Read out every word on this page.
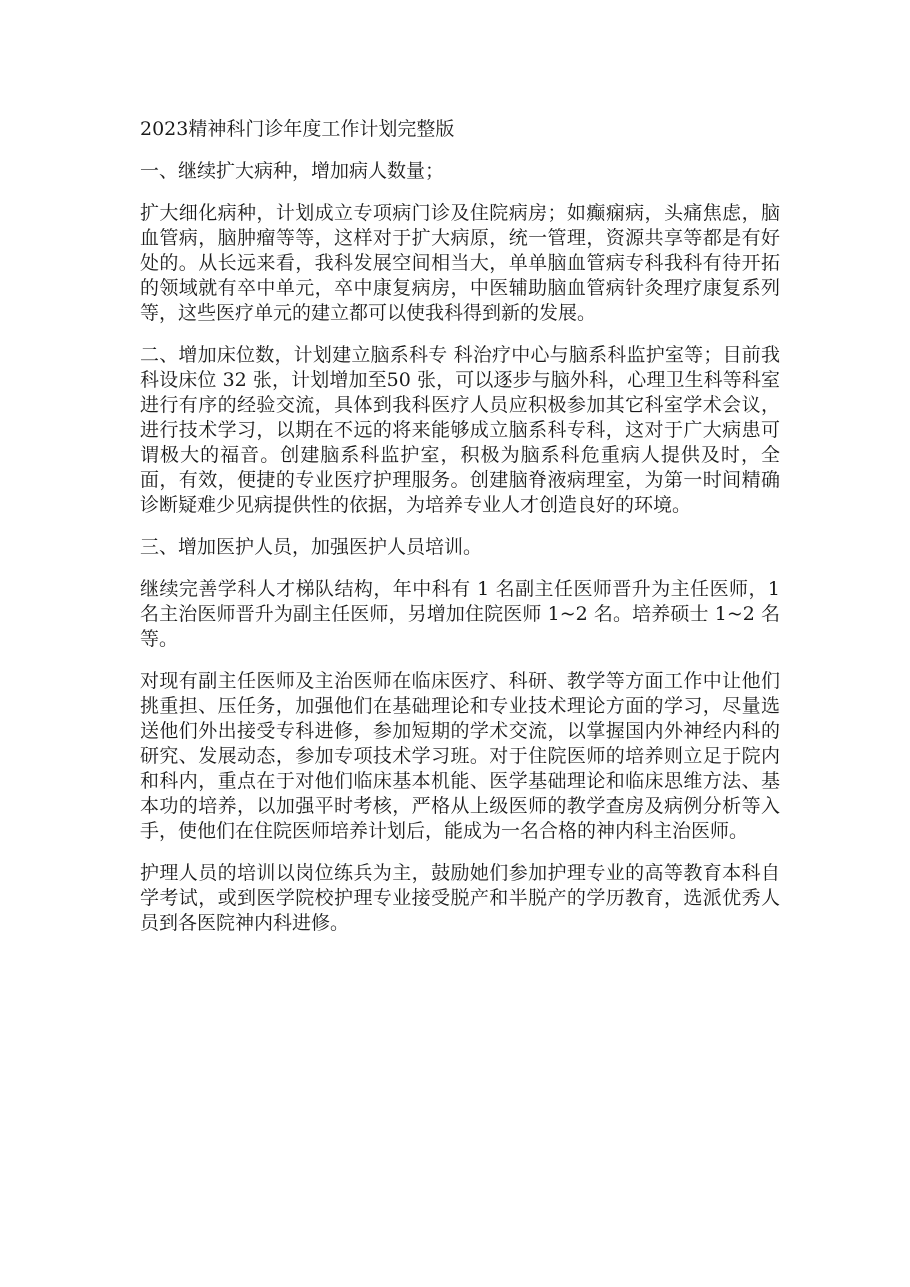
2023精神科门诊年度工作计划完整版

一、继续扩大病种，增加病人数量；

扩大细化病种，计划成立专项病门诊及住院病房；如癫痫病，头痛焦虑，脑血管病，脑肿瘤等等，这样对于扩大病原，统一管理，资源共享等都是有好处的。从长远来看，我科发展空间相当大，单单脑血管病专科我科有待开拓的领域就有卒中单元，卒中康复病房，中医辅助脑血管病针灸理疗康复系列等，这些医疗单元的建立都可以使我科得到新的发展。

二、增加床位数，计划建立脑系科专 科治疗中心与脑系科监护室等；目前我科设床位 32 张，计划增加至50 张，可以逐步与脑外科，心理卫生科等科室进行有序的经验交流，具体到我科医疗人员应积极参加其它科室学术会议，进行技术学习，以期在不远的将来能够成立脑系科专科，这对于广大病患可谓极大的福音。创建脑系科监护室，积极为脑系科危重病人提供及时，全面，有效，便捷的专业医疗护理服务。创建脑脊液病理室，为第一时间精确诊断疑难少见病提供性的依据，为培养专业人才创造良好的环境。

三、增加医护人员，加强医护人员培训。

继续完善学科人才梯队结构，年中科有 1 名副主任医师晋升为主任医师，1名主治医师晋升为副主任医师，另增加住院医师 1~2 名。培养硕士 1~2 名等。

对现有副主任医师及主治医师在临床医疗、科研、教学等方面工作中让他们挑重担、压任务，加强他们在基础理论和专业技术理论方面的学习，尽量选送他们外出接受专科进修，参加短期的学术交流，以掌握国内外神经内科的研究、发展动态，参加专项技术学习班。对于住院医师的培养则立足于院内和科内，重点在于对他们临床基本机能、医学基础理论和临床思维方法、基本功的培养，以加强平时考核，严格从上级医师的教学查房及病例分析等入手，使他们在住院医师培养计划后，能成为一名合格的神内科主治医师。

护理人员的培训以岗位练兵为主，鼓励她们参加护理专业的高等教育本科自学考试，或到医学院校护理专业接受脱产和半脱产的学历教育，选派优秀人员到各医院神内科进修。
